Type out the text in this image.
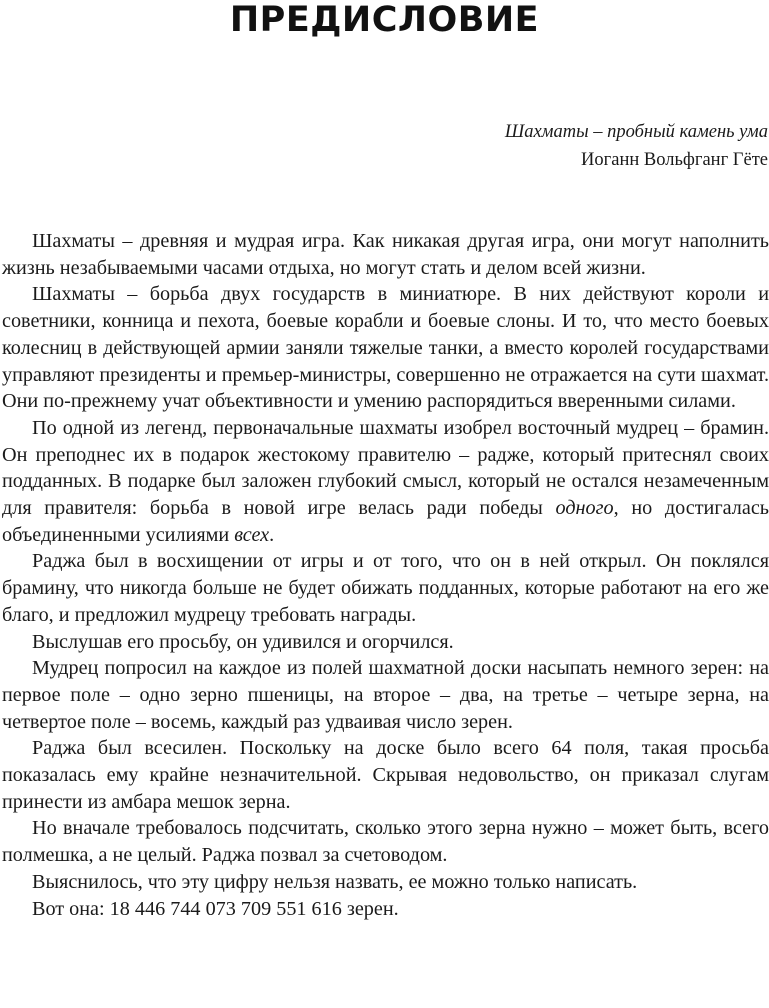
ПРЕДИСЛОВИЕ
Шахматы – пробный камень ума
Иоганн Вольфганг Гёте

Шахматы – древняя и мудрая игра. Как никакая другая игра, они могут наполнить жизнь незабываемыми часами отдыха, но могут стать и делом всей жизни.

Шахматы – борьба двух государств в миниатюре. В них действуют короли и советники, конница и пехота, боевые корабли и боевые слоны. И то, что место боевых колесниц в действующей армии заняли тяжелые танки, а вместо королей государствами управляют президенты и премьер-министры, совершенно не отражается на сути шахмат. Они по-прежнему учат объективности и умению распорядиться вверенными силами.

По одной из легенд, первоначальные шахматы изобрел восточный мудрец – брамин. Он преподнес их в подарок жестокому правителю – радже, который притеснял своих подданных. В подарке был заложен глубокий смысл, который не остался незамеченным для правителя: борьба в новой игре велась ради победы одного, но достигалась объединенными усилиями всех.

Раджа был в восхищении от игры и от того, что он в ней открыл. Он поклялся брамину, что никогда больше не будет обижать подданных, которые работают на его же благо, и предложил мудрецу требовать награды.

Выслушав его просьбу, он удивился и огорчился.

Мудрец попросил на каждое из полей шахматной доски насыпать немного зерен: на первое поле – одно зерно пшеницы, на второе – два, на третье – четыре зерна, на четвертое поле – восемь, каждый раз удваивая число зерен.

Раджа был всесилен. Поскольку на доске было всего 64 поля, такая просьба показалась ему крайне незначительной. Скрывая недовольство, он приказал слугам принести из амбара мешок зерна.

Но вначале требовалось подсчитать, сколько этого зерна нужно – может быть, всего полмешка, а не целый. Раджа позвал за счетоводом.

Выяснилось, что эту цифру нельзя назвать, ее можно только написать.

Вот она: 18 446 744 073 709 551 616 зерен.
